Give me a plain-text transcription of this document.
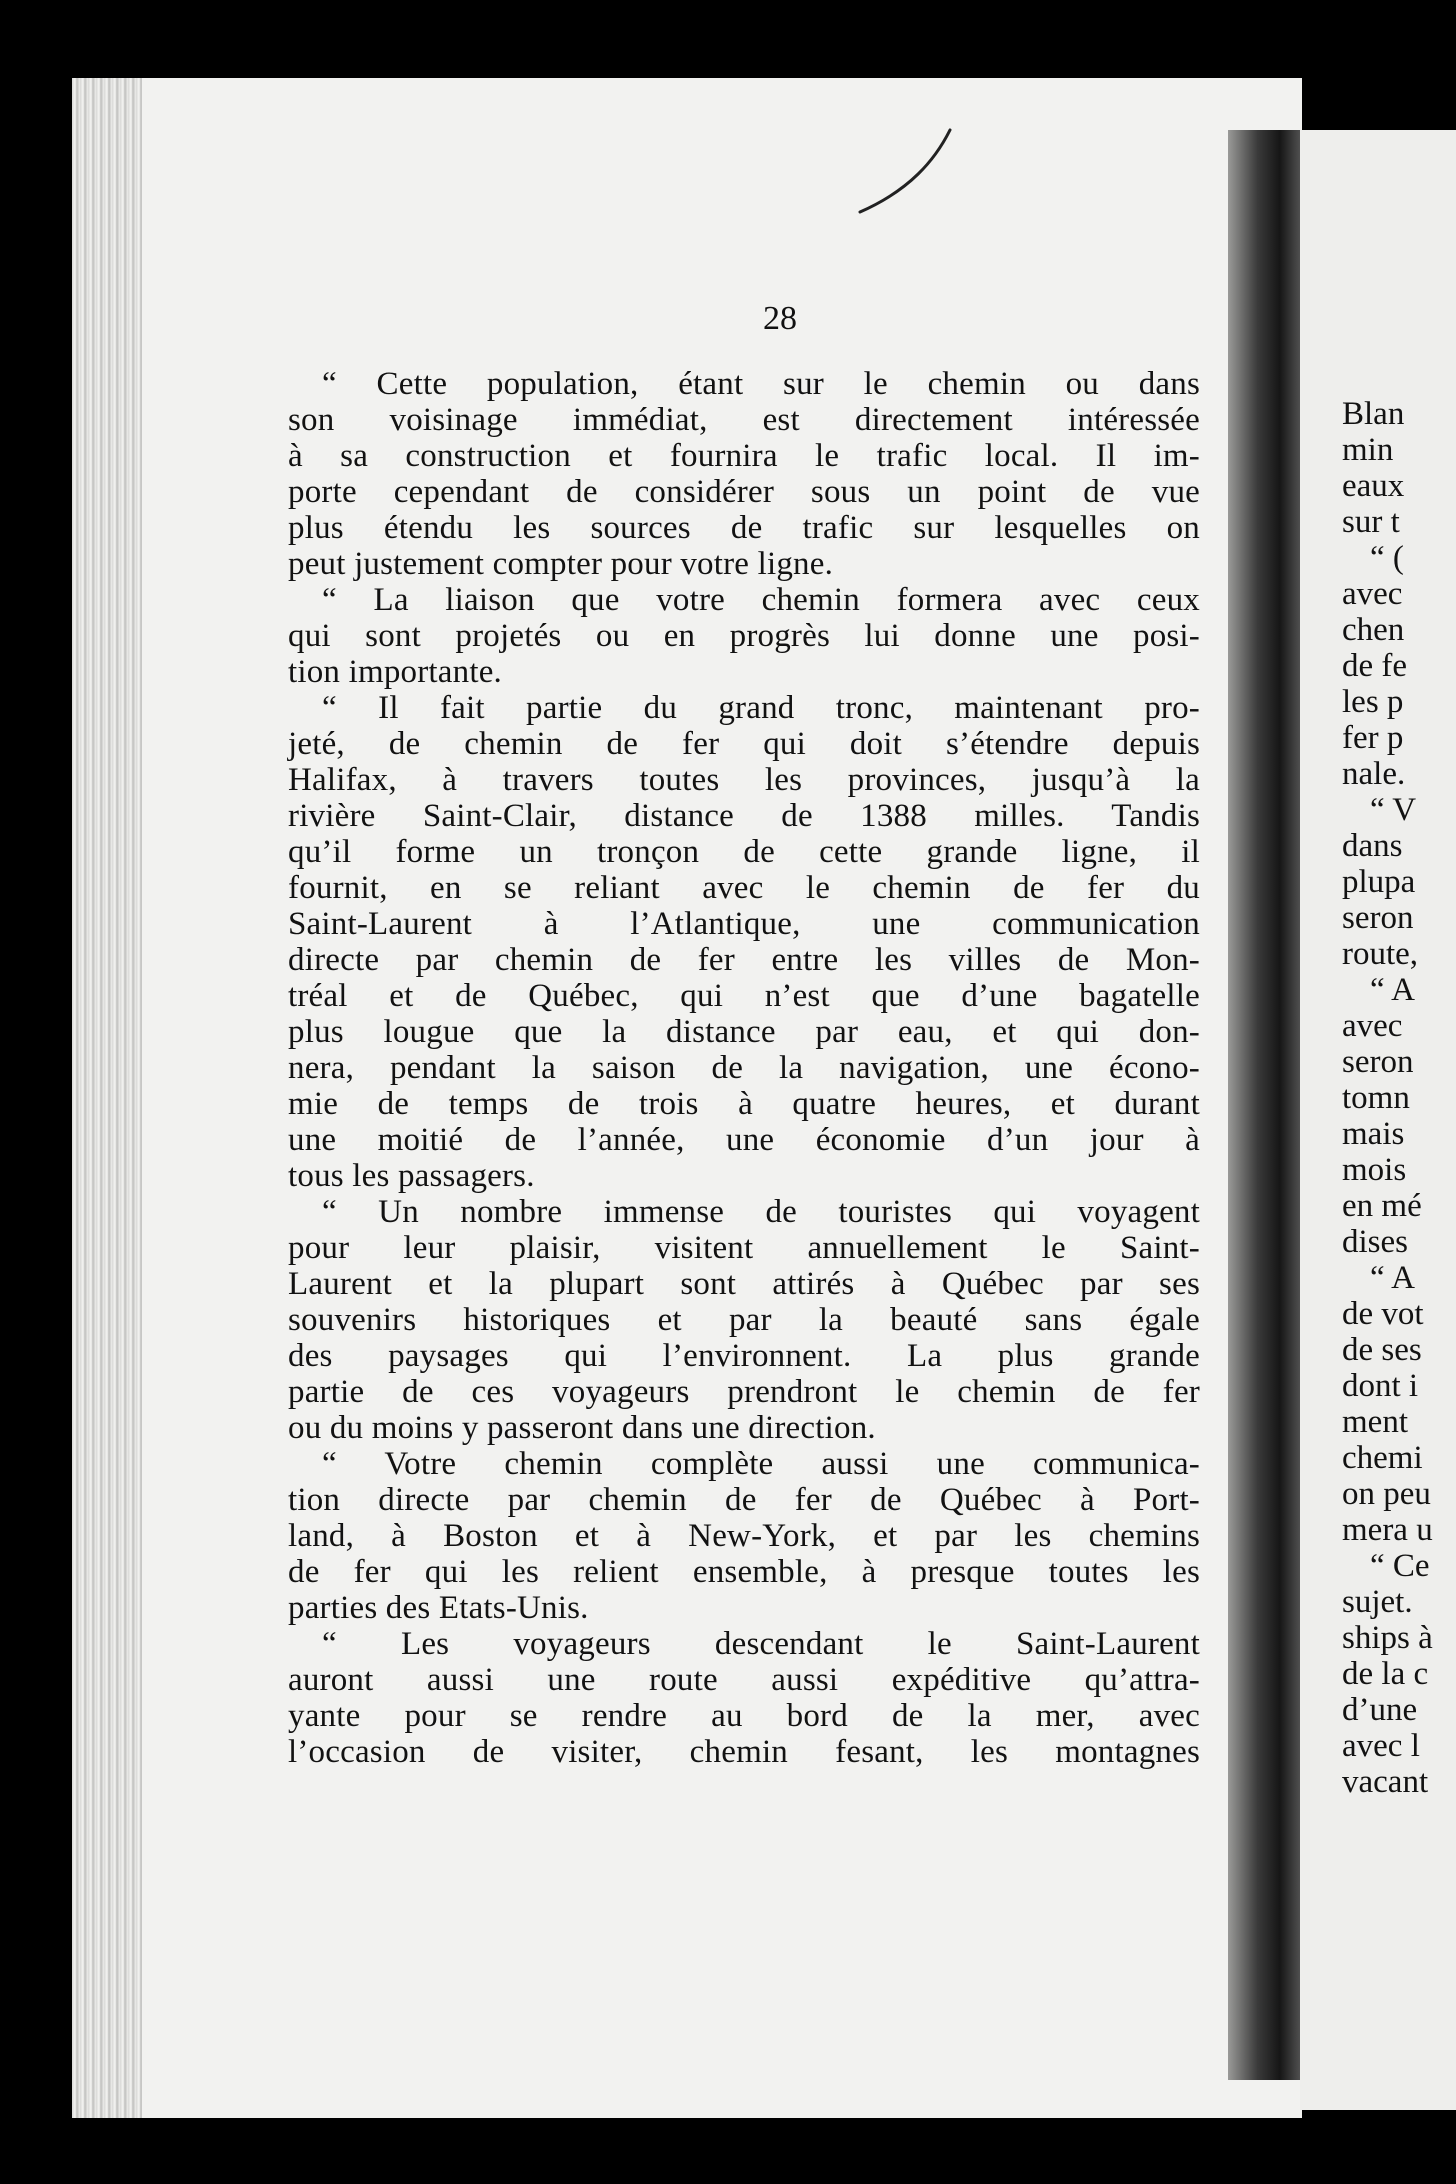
28
“ Cette population, étant sur le chemin ou dans
son voisinage immédiat, est directement intéressée
à sa construction et fournira le trafic local. Il im-
porte cependant de considérer sous un point de vue
plus étendu les sources de trafic sur lesquelles on
peut justement compter pour votre ligne.
“ La liaison que votre chemin formera avec ceux
qui sont projetés ou en progrès lui donne une posi-
tion importante.
“ Il fait partie du grand tronc, maintenant pro-
jeté, de chemin de fer qui doit s’étendre depuis
Halifax, à travers toutes les provinces, jusqu’à la
rivière Saint-Clair, distance de 1388 milles. Tandis
qu’il forme un tronçon de cette grande ligne, il
fournit, en se reliant avec le chemin de fer du
Saint-Laurent à l’Atlantique, une communication
directe par chemin de fer entre les villes de Mon-
tréal et de Québec, qui n’est que d’une bagatelle
plus lougue que la distance par eau, et qui don-
nera, pendant la saison de la navigation, une écono-
mie de temps de trois à quatre heures, et durant
une moitié de l’année, une économie d’un jour à
tous les passagers.
“ Un nombre immense de touristes qui voyagent
pour leur plaisir, visitent annuellement le Saint-
Laurent et la plupart sont attirés à Québec par ses
souvenirs historiques et par la beauté sans égale
des paysages qui l’environnent. La plus grande
partie de ces voyageurs prendront le chemin de fer
ou du moins y passeront dans une direction.
“ Votre chemin complète aussi une communica-
tion directe par chemin de fer de Québec à Port-
land, à Boston et à New-York, et par les chemins
de fer qui les relient ensemble, à presque toutes les
parties des Etats-Unis.
“ Les voyageurs descendant le Saint-Laurent
auront aussi une route aussi expéditive qu’attra-
yante pour se rendre au bord de la mer, avec
l’occasion de visiter, chemin fesant, les montagnes
Blan
min
eaux
sur t
“ (
avec
chen
de fe
les p
fer p
nale.
“ V
dans
plupa
seron
route,
“ A
avec
seron
tomn
mais
mois
en mé
dises
“ A
de vot
de ses
dont i
ment
chemi
on peu
mera u
“ Ce
sujet.
ships à
de la c
d’une
avec l
vacant
